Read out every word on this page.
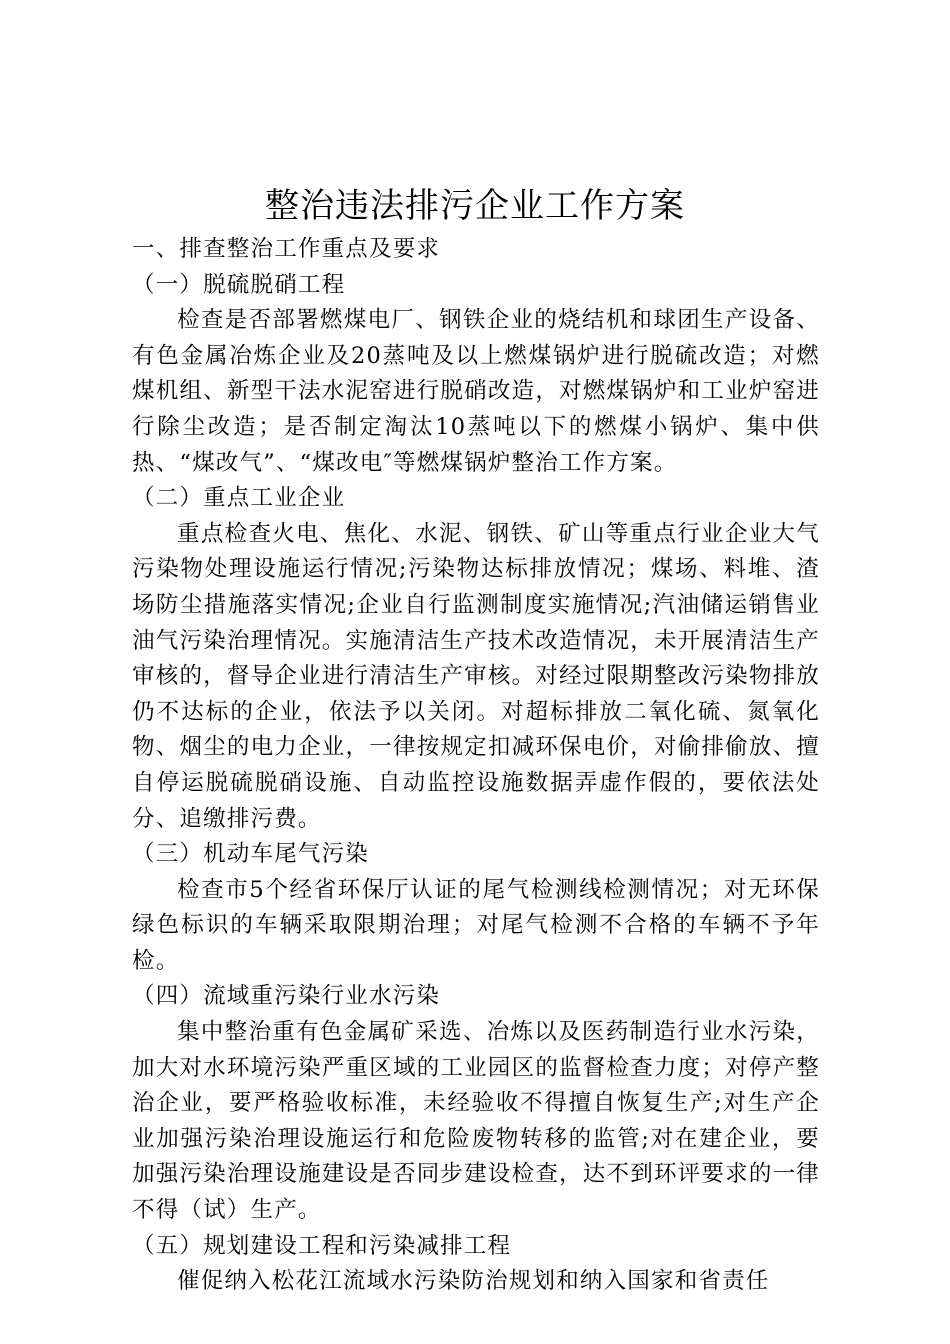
整治违法排污企业工作方案

一、排查整治工作重点及要求

（一）脱硫脱硝工程

检查是否部署燃煤电厂、钢铁企业的烧结机和球团生产设备、有色金属冶炼企业及20蒸吨及以上燃煤锅炉进行脱硫改造；对燃煤机组、新型干法水泥窑进行脱硝改造，对燃煤锅炉和工业炉窑进行除尘改造；是否制定淘汰10蒸吨以下的燃煤小锅炉、集中供热、“煤改气”、“煤改电″等燃煤锅炉整治工作方案。

（二）重点工业企业

重点检查火电、焦化、水泥、钢铁、矿山等重点行业企业大气污染物处理设施运行情况;污染物达标排放情况；煤场、料堆、渣场防尘措施落实情况;企业自行监测制度实施情况;汽油储运销售业油气污染治理情况。实施清洁生产技术改造情况，未开展清洁生产审核的，督导企业进行清洁生产审核。对经过限期整改污染物排放仍不达标的企业，依法予以关闭。对超标排放二氧化硫、氮氧化物、烟尘的电力企业，一律按规定扣减环保电价，对偷排偷放、擅自停运脱硫脱硝设施、自动监控设施数据弄虚作假的，要依法处分、追缴排污费。

（三）机动车尾气污染

检查市5个经省环保厅认证的尾气检测线检测情况；对无环保绿色标识的车辆采取限期治理；对尾气检测不合格的车辆不予年检。

（四）流域重污染行业水污染

集中整治重有色金属矿采选、冶炼以及医药制造行业水污染，加大对水环境污染严重区域的工业园区的监督检查力度；对停产整治企业，要严格验收标准，未经验收不得擅自恢复生产;对生产企业加强污染治理设施运行和危险废物转移的监管;对在建企业，要加强污染治理设施建设是否同步建设检查，达不到环评要求的一律不得（试）生产。

（五）规划建设工程和污染减排工程

催促纳入松花江流域水污染防治规划和纳入国家和省责任
